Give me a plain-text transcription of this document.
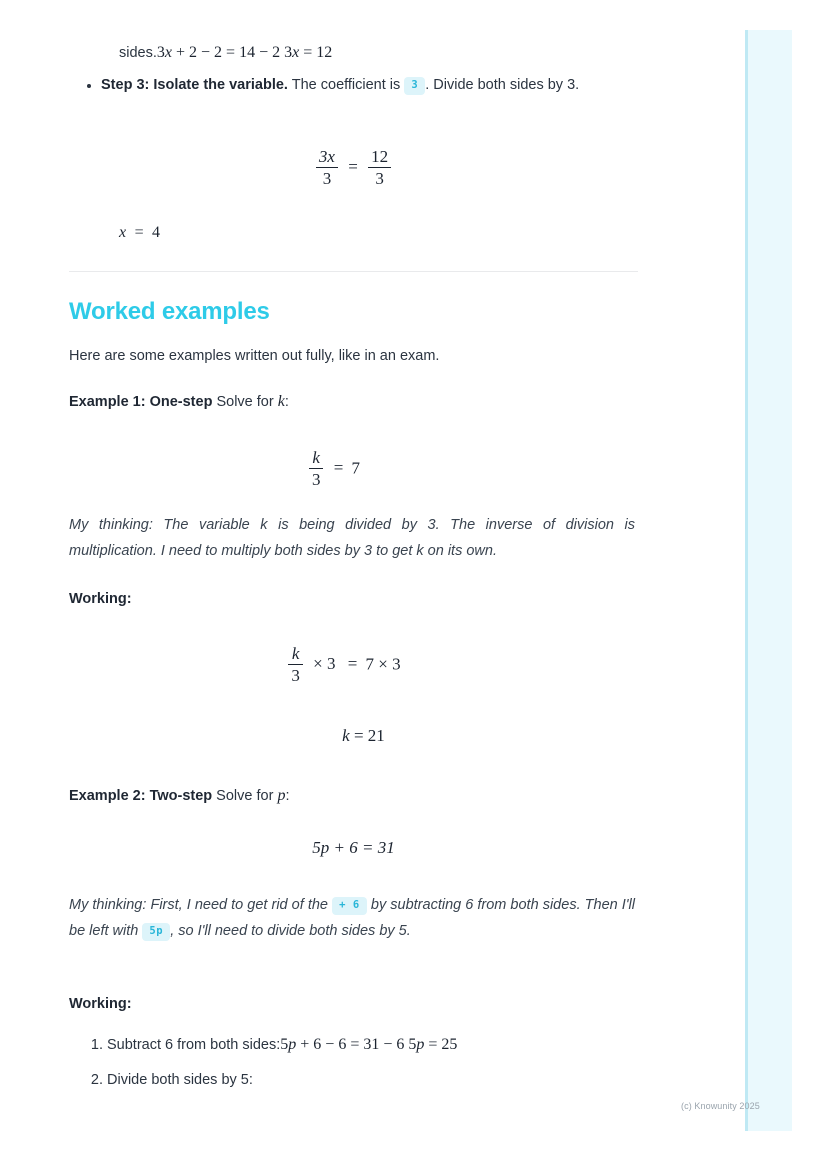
sides.3x + 2 − 2 = 14 − 2 3x = 12
• Step 3: Isolate the variable. The coefficient is 3 . Divide both sides by 3.
$\frac{3x}{3} = \frac{12}{3}$
x = 4
Worked examples

Here are some examples written out fully, like in an exam.

Example 1: One-step Solve for k:
$\frac{k}{3} = 7$
My thinking: The variable k is being divided by 3. The inverse of division is multiplication. I need to multiply both sides by 3 to get k on its own.
Working:
$\frac{k}{3} \times 3 = 7 \times 3$
k = 21
Example 2: Two-step Solve for p:
5p + 6 = 31
My thinking: First, I need to get rid of the + 6 by subtracting 6 from both sides. Then I'll be left with 5p , so I'll need to divide both sides by 5.
Working:
1. Subtract 6 from both sides:5p + 6 − 6 = 31 − 6 5p = 25
2. Divide both sides by 5:
(c) Knowunity 2025
